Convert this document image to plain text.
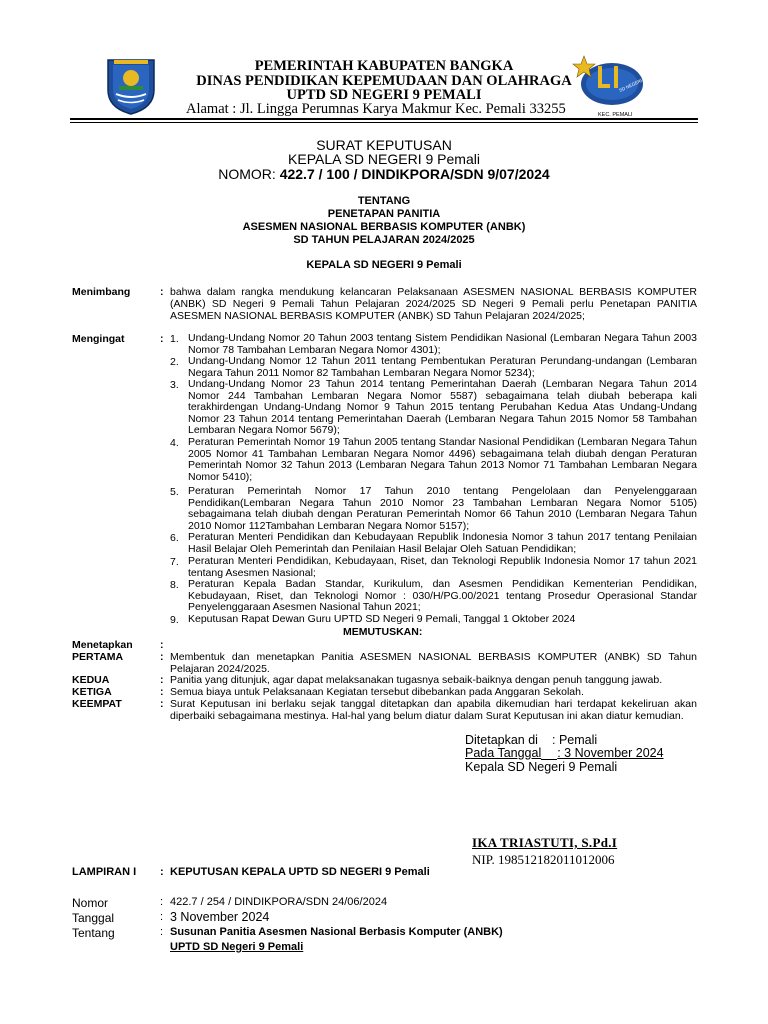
SD NEGERI 9
KEC. PEMALI
PEMERINTAH KABUPATEN BANGKA
DINAS PENDIDIKAN KEPEMUDAAN DAN OLAHRAGA
UPTD SD NEGERI 9 PEMALI
Alamat : Jl. Lingga Perumnas Karya Makmur Kec. Pemali 33255
SURAT KEPUTUSAN
KEPALA SD NEGERI 9 Pemali
NOMOR: 422.7 / 100 / DINDIKPORA/SDN 9/07/2024
TENTANG
PENETAPAN PANITIA
ASESMEN NASIONAL BERBASIS KOMPUTER (ANBK)
SD TAHUN PELAJARAN 2024/2025
KEPALA SD NEGERI 9 Pemali
Menimbang	: bahwa dalam rangka mendukung kelancaran Pelaksanaan ASESMEN NASIONAL BERBASIS KOMPUTER (ANBK) SD Negeri 9 Pemali Tahun Pelajaran 2024/2025 SD Negeri 9 Pemali perlu Penetapan PANITIA ASESMEN NASIONAL BERBASIS KOMPUTER (ANBK) SD Tahun Pelajaran 2024/2025;
Mengingat	: 1. Undang-Undang Nomor 20 Tahun 2003 tentang Sistem Pendidikan Nasional (Lembaran Negara Tahun 2003 Nomor 78 Tambahan Lembaran Negara Nomor 4301);
2. Undang-Undang Nomor 12 Tahun 2011 tentang Pembentukan Peraturan Perundang-undangan (Lembaran Negara Tahun 2011 Nomor 82 Tambahan Lembaran Negara Nomor 5234);
3. Undang-Undang Nomor 23 Tahun 2014 tentang Pemerintahan Daerah (Lembaran Negara Tahun 2014 Nomor 244 Tambahan Lembaran Negara Nomor 5587) sebagaimana telah diubah beberapa kali terakhirdengan Undang-Undang Nomor 9 Tahun 2015 tentang Perubahan Kedua Atas Undang-Undang Nomor 23 Tahun 2014 tentang Pemerintahan Daerah (Lembaran Negara Tahun 2015 Nomor 58 Tambahan Lembaran Negara Nomor 5679);
4. Peraturan Pemerintah Nomor 19 Tahun 2005 tentang Standar Nasional Pendidikan (Lembaran Negara Tahun 2005 Nomor 41 Tambahan Lembaran Negara Nomor 4496) sebagaimana telah diubah dengan Peraturan Pemerintah Nomor 32 Tahun 2013 (Lembaran Negara Tahun 2013 Nomor 71 Tambahan Lembaran Negara Nomor 5410);
5. Peraturan Pemerintah Nomor 17 Tahun 2010 tentang Pengelolaan dan Penyelenggaraan Pendidikan(Lembaran Negara Tahun 2010 Nomor 23 Tambahan Lembaran Negara Nomor 5105) sebagaimana telah diubah dengan Peraturan Pemerintah Nomor 66 Tahun 2010 (Lembaran Negara Tahun 2010 Nomor 112Tambahan Lembaran Negara Nomor 5157);
6. Peraturan Menteri Pendidikan dan Kebudayaan Republik Indonesia Nomor 3 tahun 2017 tentang Penilaian Hasil Belajar Oleh Pemerintah dan Penilaian Hasil Belajar Oleh Satuan Pendidikan;
7. Peraturan Menteri Pendidikan, Kebudayaan, Riset, dan Teknologi Republik Indonesia Nomor 17 tahun 2021 tentang Asesmen Nasional;
8. Peraturan Kepala Badan Standar, Kurikulum, dan Asesmen Pendidikan Kementerian Pendidikan, Kebudayaan, Riset, dan Teknologi Nomor : 030/H/PG.00/2021 tentang Prosedur Operasional Standar Penyelenggaraan Asesmen Nasional Tahun 2021;
9. Keputusan Rapat Dewan Guru UPTD SD Negeri 9 Pemali, Tanggal 1 Oktober 2024
MEMUTUSKAN:
Menetapkan	:
PERTAMA	: Membentuk dan menetapkan Panitia ASESMEN NASIONAL BERBASIS KOMPUTER (ANBK) SD Tahun Pelajaran 2024/2025.
KEDUA	: Panitia yang ditunjuk, agar dapat melaksanakan tugasnya sebaik-baiknya dengan penuh tanggung jawab.
KETIGA	: Semua biaya untuk Pelaksanaan Kegiatan tersebut dibebankan pada Anggaran Sekolah.
KEEMPAT	: Surat Keputusan ini berlaku sejak tanggal ditetapkan dan apabila dikemudian hari terdapat kekeliruan akan diperbaiki sebagaimana mestinya. Hal-hal yang belum diatur dalam Surat Keputusan ini akan diatur kemudian.
Ditetapkan di : Pemali
Pada Tanggal : 3 November 2024
Kepala SD Negeri 9 Pemali
IKA TRIASTUTI, S.Pd.I
NIP. 198512182011012006
LAMPIRAN I : KEPUTUSAN KEPALA UPTD SD NEGERI 9 Pemali
Nomor	: 422.7 / 254 / DINDIKPORA/SDN 24/06/2024
Tanggal	: 3 November 2024
Tentang	: Susunan Panitia Asesmen Nasional Berbasis Komputer (ANBK)
UPTD SD Negeri 9 Pemali
